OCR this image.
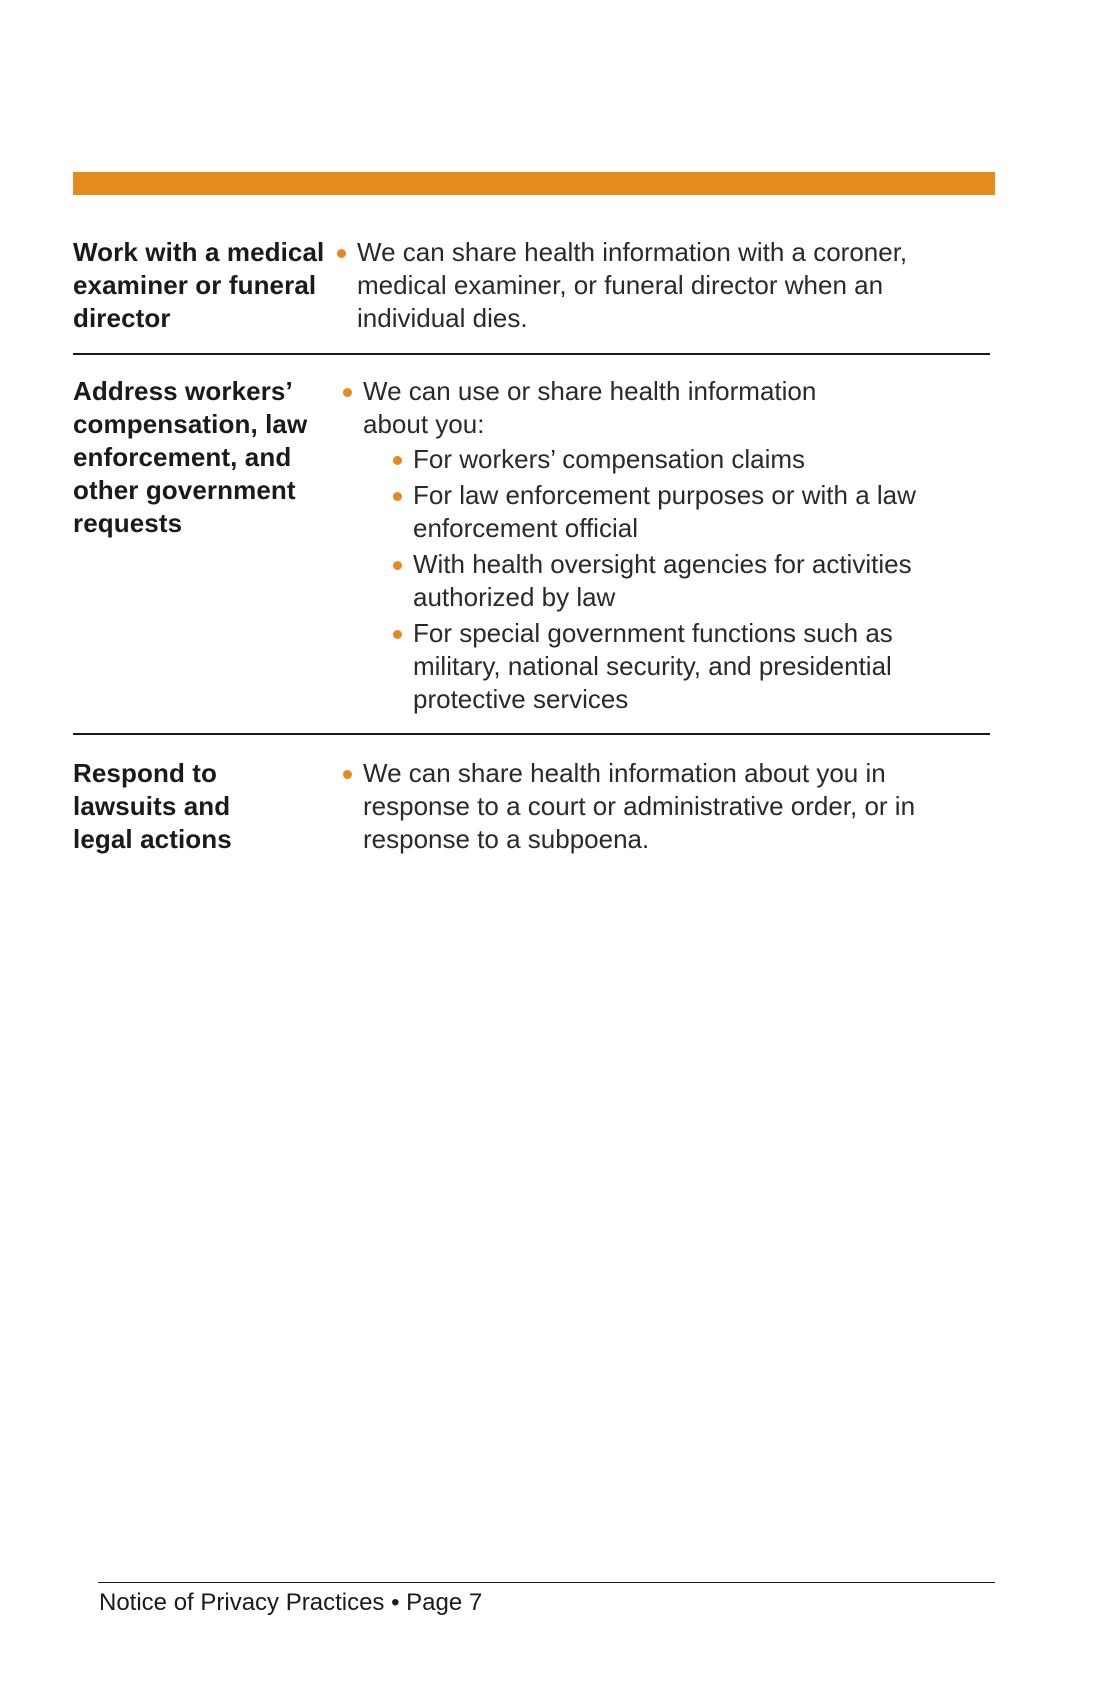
Work with a medical examiner or funeral director
We can share health information with a coroner, medical examiner, or funeral director when an individual dies.
Address workers’ compensation, law enforcement, and other government requests
We can use or share health information about you:
For workers’ compensation claims
For law enforcement purposes or with a law enforcement official
With health oversight agencies for activities authorized by law
For special government functions such as military, national security, and presidential protective services
Respond to lawsuits and legal actions
We can share health information about you in response to a court or administrative order, or in response to a subpoena.
Notice of Privacy Practices • Page 7
